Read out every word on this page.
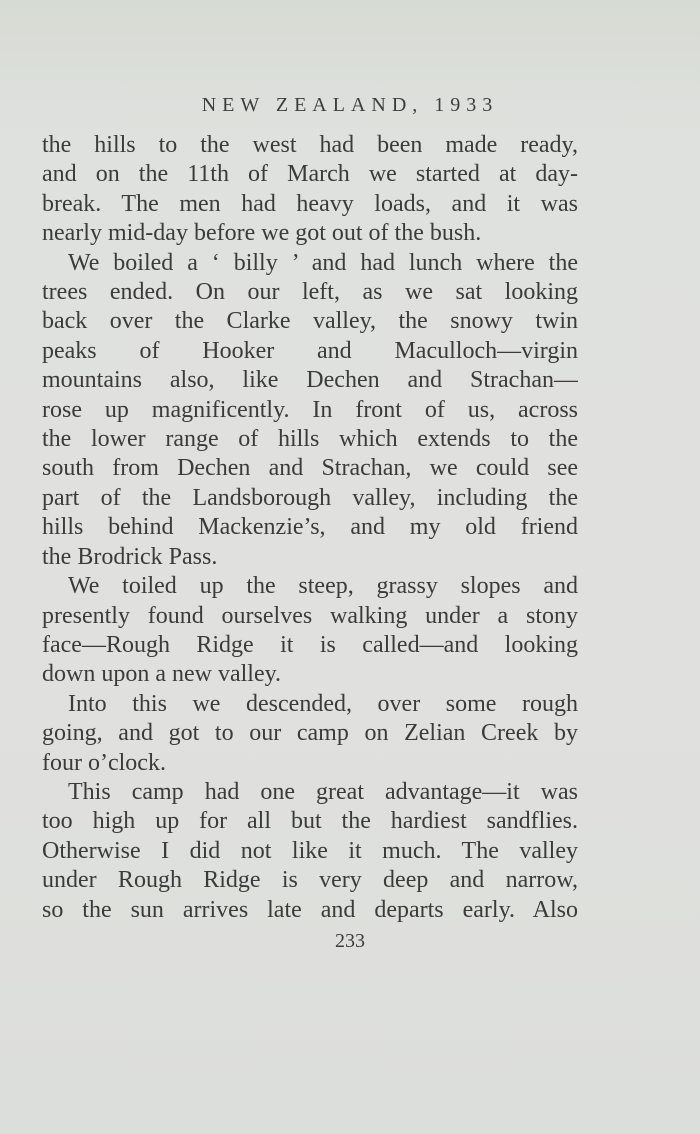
NEW ZEALAND, 1933
the hills to the west had been made ready,
and on the 11th of March we started at day-
break. The men had heavy loads, and it was
nearly mid-day before we got out of the bush.
We boiled a ‘ billy ’ and had lunch where the
trees ended. On our left, as we sat looking
back over the Clarke valley, the snowy twin
peaks of Hooker and Maculloch—virgin
mountains also, like Dechen and Strachan—
rose up magnificently. In front of us, across
the lower range of hills which extends to the
south from Dechen and Strachan, we could see
part of the Landsborough valley, including the
hills behind Mackenzie’s, and my old friend
the Brodrick Pass.
We toiled up the steep, grassy slopes and
presently found ourselves walking under a stony
face—Rough Ridge it is called—and looking
down upon a new valley.
Into this we descended, over some rough
going, and got to our camp on Zelian Creek by
four o’clock.
This camp had one great advantage—it was
too high up for all but the hardiest sandflies.
Otherwise I did not like it much. The valley
under Rough Ridge is very deep and narrow,
so the sun arrives late and departs early. Also
233
